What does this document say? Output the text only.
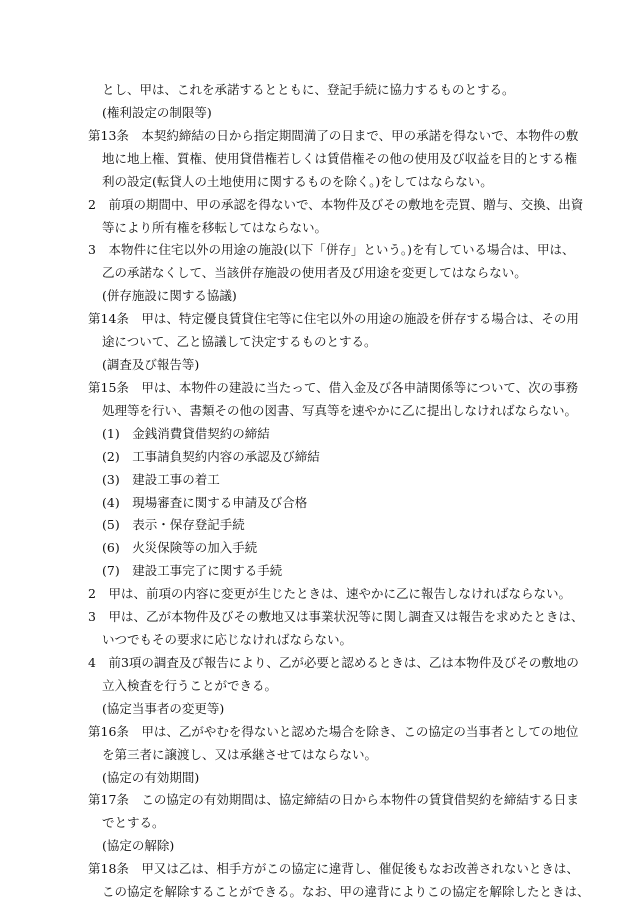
とし、甲は、これを承諾するとともに、登記手続に協力するものとする。

(権利設定の制限等)

第13条　本契約締結の日から指定期間満了の日まで、甲の承諾を得ないで、本物件の敷

地に地上権、質権、使用貸借権若しくは賃借権その他の使用及び収益を目的とする権

利の設定(転貸人の土地使用に関するものを除く。)をしてはならない。

2　前項の期間中、甲の承認を得ないで、本物件及びその敷地を売買、贈与、交換、出資

等により所有権を移転してはならない。

3　本物件に住宅以外の用途の施設(以下「併存」という。)を有している場合は、甲は、

乙の承諾なくして、当該併存施設の使用者及び用途を変更してはならない。

(併存施設に関する協議)

第14条　甲は、特定優良賃貸住宅等に住宅以外の用途の施設を併存する場合は、その用

途について、乙と協議して決定するものとする。

(調査及び報告等)

第15条　甲は、本物件の建設に当たって、借入金及び各申請関係等について、次の事務

処理等を行い、書類その他の図書、写真等を速やかに乙に提出しなければならない。

(1)　金銭消費貸借契約の締結

(2)　工事請負契約内容の承認及び締結

(3)　建設工事の着工

(4)　現場審査に関する申請及び合格

(5)　表示・保存登記手続

(6)　火災保険等の加入手続

(7)　建設工事完了に関する手続

2　甲は、前項の内容に変更が生じたときは、速やかに乙に報告しなければならない。

3　甲は、乙が本物件及びその敷地又は事業状況等に関し調査又は報告を求めたときは、

いつでもその要求に応じなければならない。

4　前3項の調査及び報告により、乙が必要と認めるときは、乙は本物件及びその敷地の

立入検査を行うことができる。

(協定当事者の変更等)

第16条　甲は、乙がやむを得ないと認めた場合を除き、この協定の当事者としての地位

を第三者に譲渡し、又は承継させてはならない。

(協定の有効期間)

第17条　この協定の有効期間は、協定締結の日から本物件の賃貸借契約を締結する日ま

でとする。

(協定の解除)

第18条　甲又は乙は、相手方がこの協定に違背し、催促後もなお改善されないときは、

この協定を解除することができる。なお、甲の違背によりこの協定を解除したときは、
